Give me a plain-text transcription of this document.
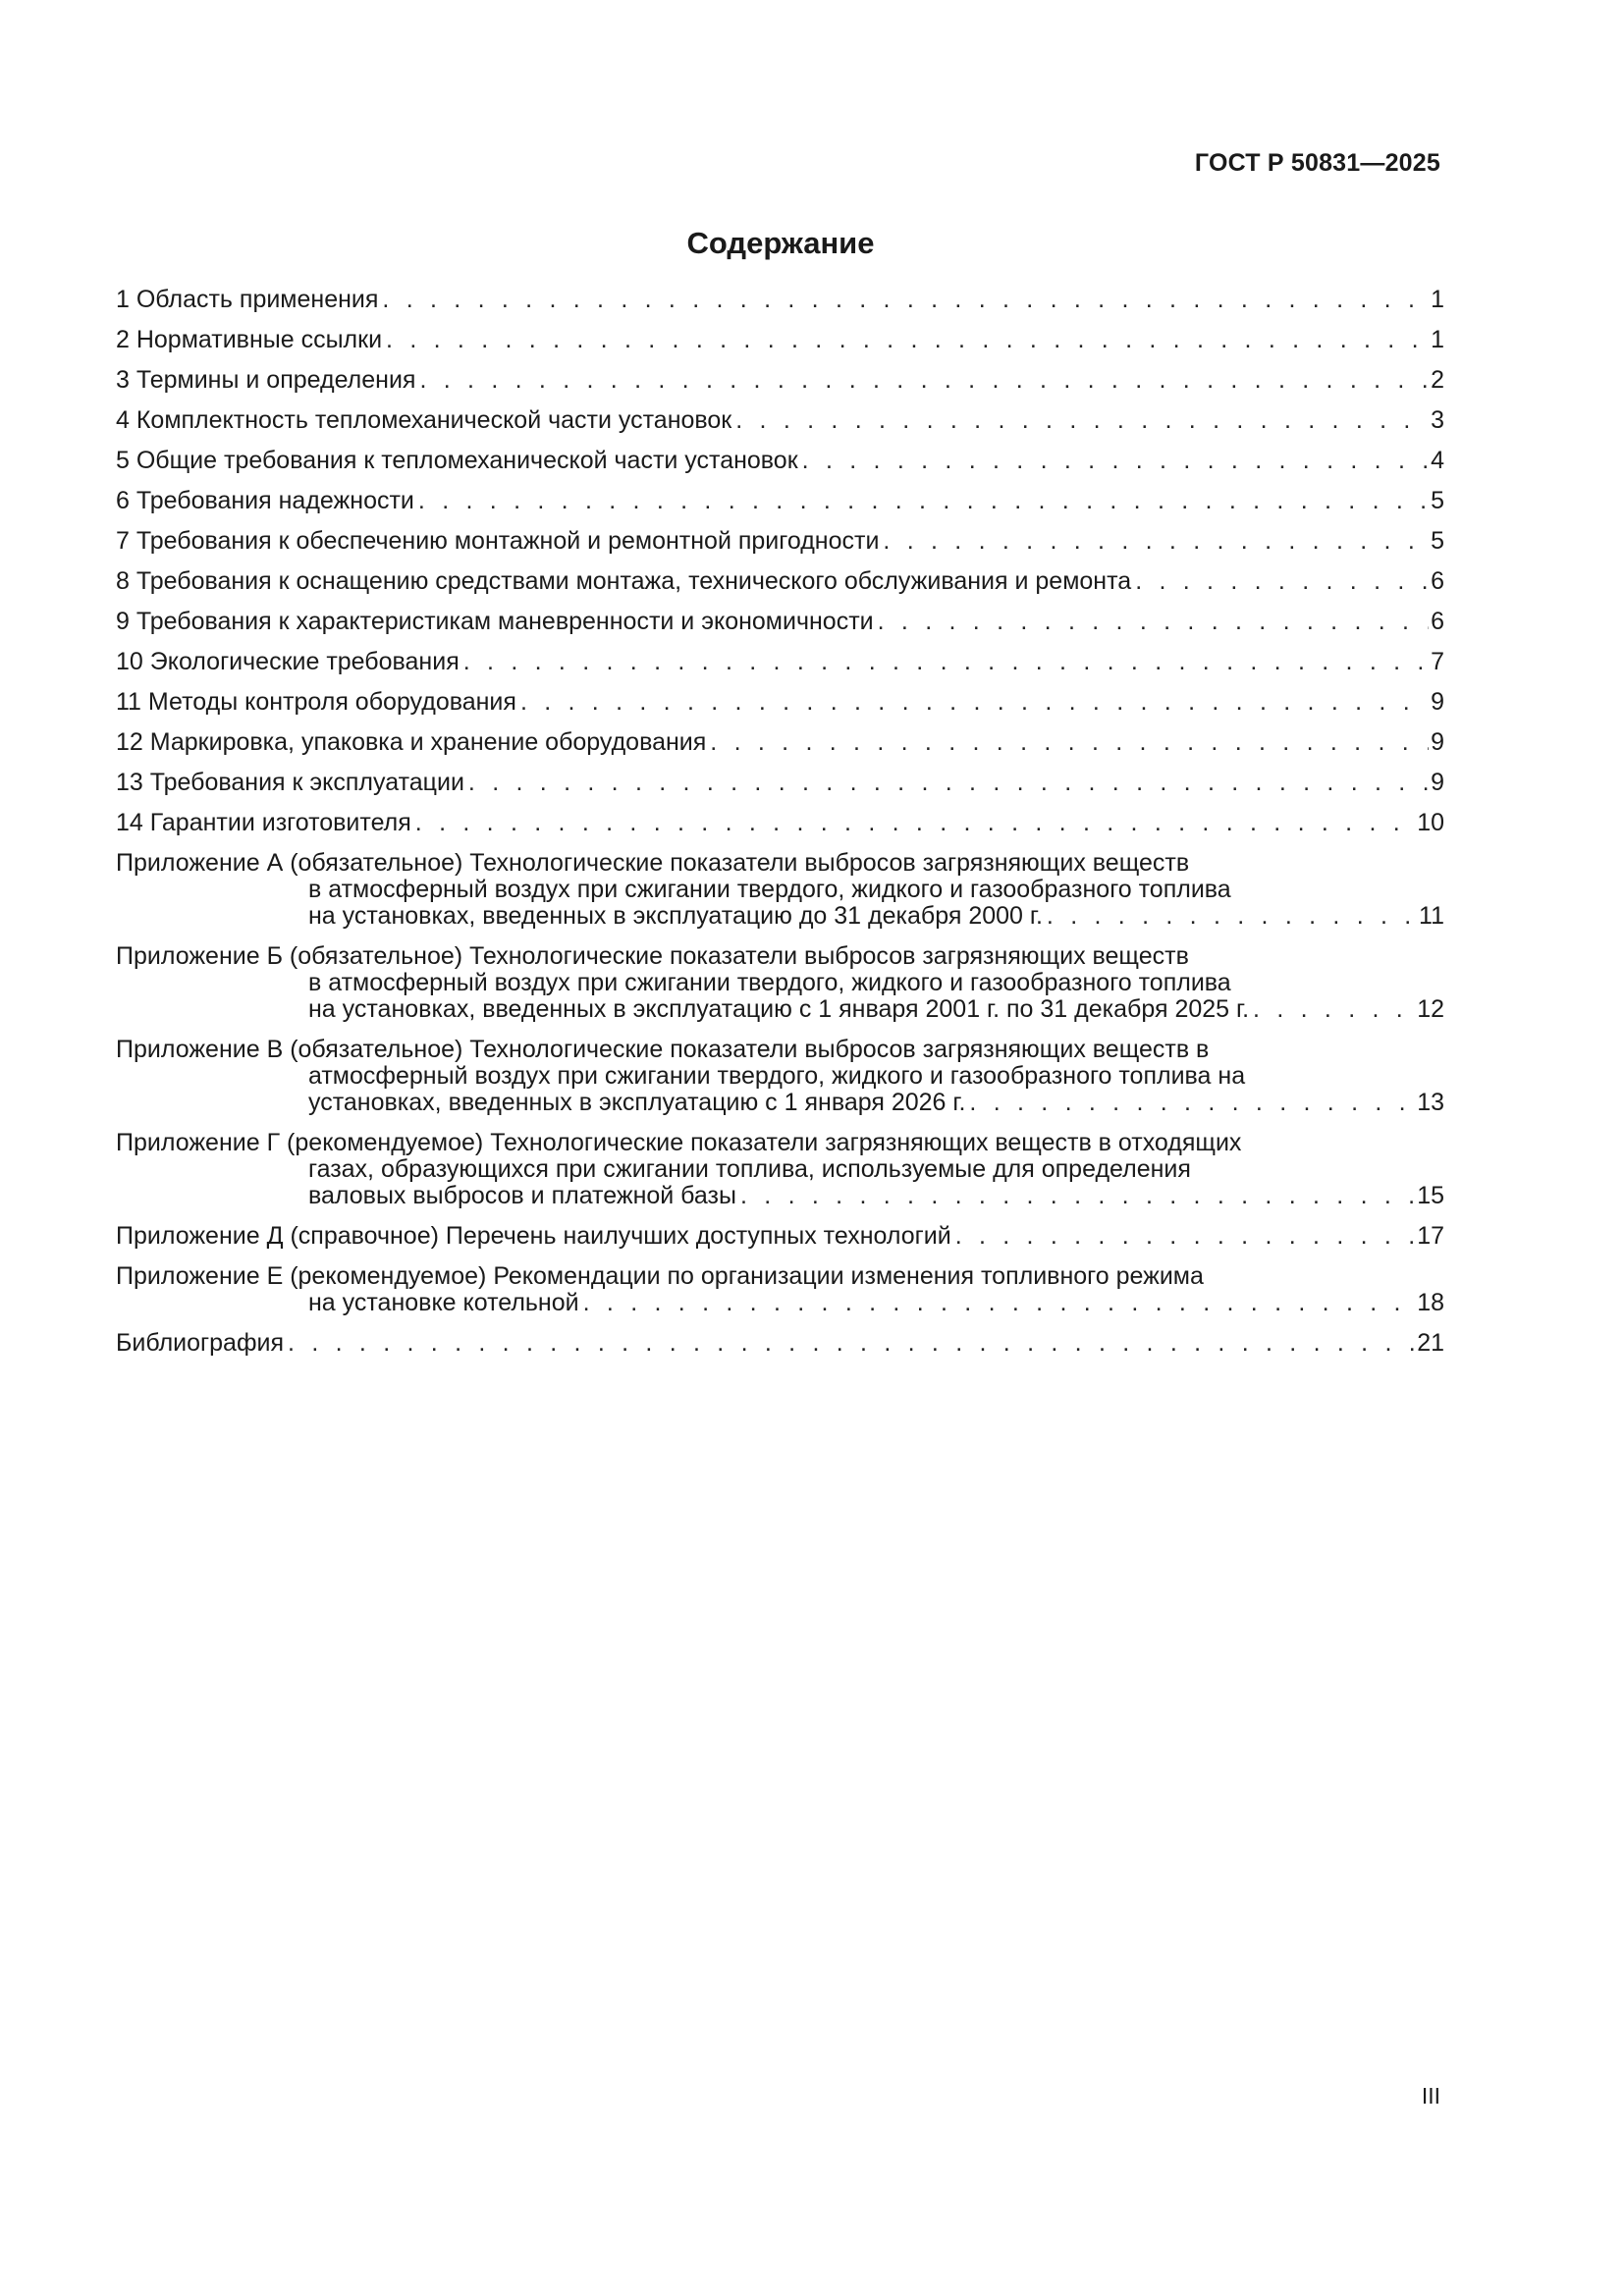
ГОСТ Р 50831—2025
Содержание
1 Область применения . . .	1
2 Нормативные ссылки . . .	1
3 Термины и определения . . .	2
4 Комплектность тепломеханической части установок . . .	3
5 Общие требования к тепломеханической части установок . . .	4
6 Требования надежности . . .	5
7 Требования к обеспечению монтажной и ремонтной пригодности . . .	5
8 Требования к оснащению средствами монтажа, технического обслуживания и ремонта . . .	6
9 Требования к характеристикам маневренности и экономичности . . .	6
10 Экологические требования . . .	7
11 Методы контроля оборудования . . .	9
12 Маркировка, упаковка и хранение оборудования . . .	9
13 Требования к эксплуатации . . .	9
14 Гарантии изготовителя . . .	10
Приложение А (обязательное) Технологические показатели выбросов загрязняющих веществ
в атмосферный воздух при сжигании твердого, жидкого и газообразного топлива
на установках, введенных в эксплуатацию до 31 декабря 2000 г. . . .	11
Приложение Б (обязательное) Технологические показатели выбросов загрязняющих веществ
в атмосферный воздух при сжигании твердого, жидкого и газообразного топлива
на установках, введенных в эксплуатацию с 1 января 2001 г. по 31 декабря 2025 г. . . .	12
Приложение В (обязательное) Технологические показатели выбросов загрязняющих веществ в
атмосферный воздух при сжигании твердого, жидкого и газообразного топлива на
установках, введенных в эксплуатацию с 1 января 2026 г. . . .	13
Приложение Г (рекомендуемое) Технологические показатели загрязняющих веществ в отходящих
газах, образующихся при сжигании топлива, используемые для определения
валовых выбросов и платежной базы . . .	15
Приложение Д (справочное) Перечень наилучших доступных технологий . . .	17
Приложение Е (рекомендуемое) Рекомендации по организации изменения топливного режима
на установке котельной . . .	18
Библиография . . .	21
III
